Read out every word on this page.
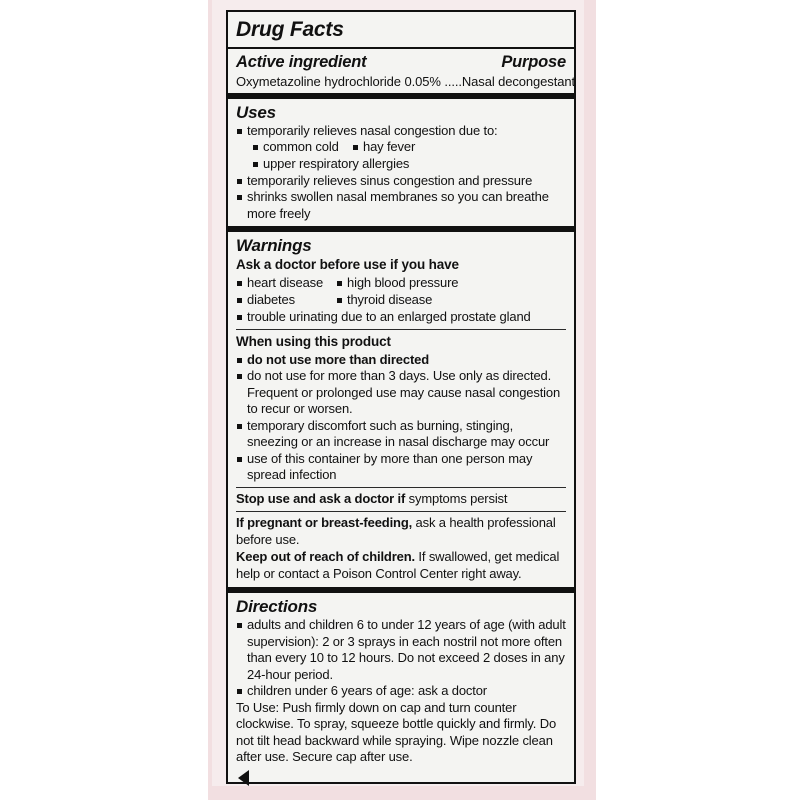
Drug Facts
Active ingredient	Purpose
Oxymetazoline hydrochloride 0.05% .....Nasal decongestant
Uses
temporarily relieves nasal congestion due to:
common cold	hay fever
upper respiratory allergies
temporarily relieves sinus congestion and pressure
shrinks swollen nasal membranes so you can breathe more freely
Warnings
Ask a doctor before use if you have
heart disease	high blood pressure
diabetes	thyroid disease
trouble urinating due to an enlarged prostate gland
When using this product
do not use more than directed
do not use for more than 3 days. Use only as directed. Frequent or prolonged use may cause nasal congestion to recur or worsen.
temporary discomfort such as burning, stinging, sneezing or an increase in nasal discharge may occur
use of this container by more than one person may spread infection
Stop use and ask a doctor if symptoms persist
If pregnant or breast-feeding, ask a health professional before use.
Keep out of reach of children. If swallowed, get medical help or contact a Poison Control Center right away.
Directions
adults and children 6 to under 12 years of age (with adult supervision): 2 or 3 sprays in each nostril not more often than every 10 to 12 hours. Do not exceed 2 doses in any 24-hour period.
children under 6 years of age: ask a doctor
To Use: Push firmly down on cap and turn counter clockwise. To spray, squeeze bottle quickly and firmly. Do not tilt head backward while spraying. Wipe nozzle clean after use. Secure cap after use.
